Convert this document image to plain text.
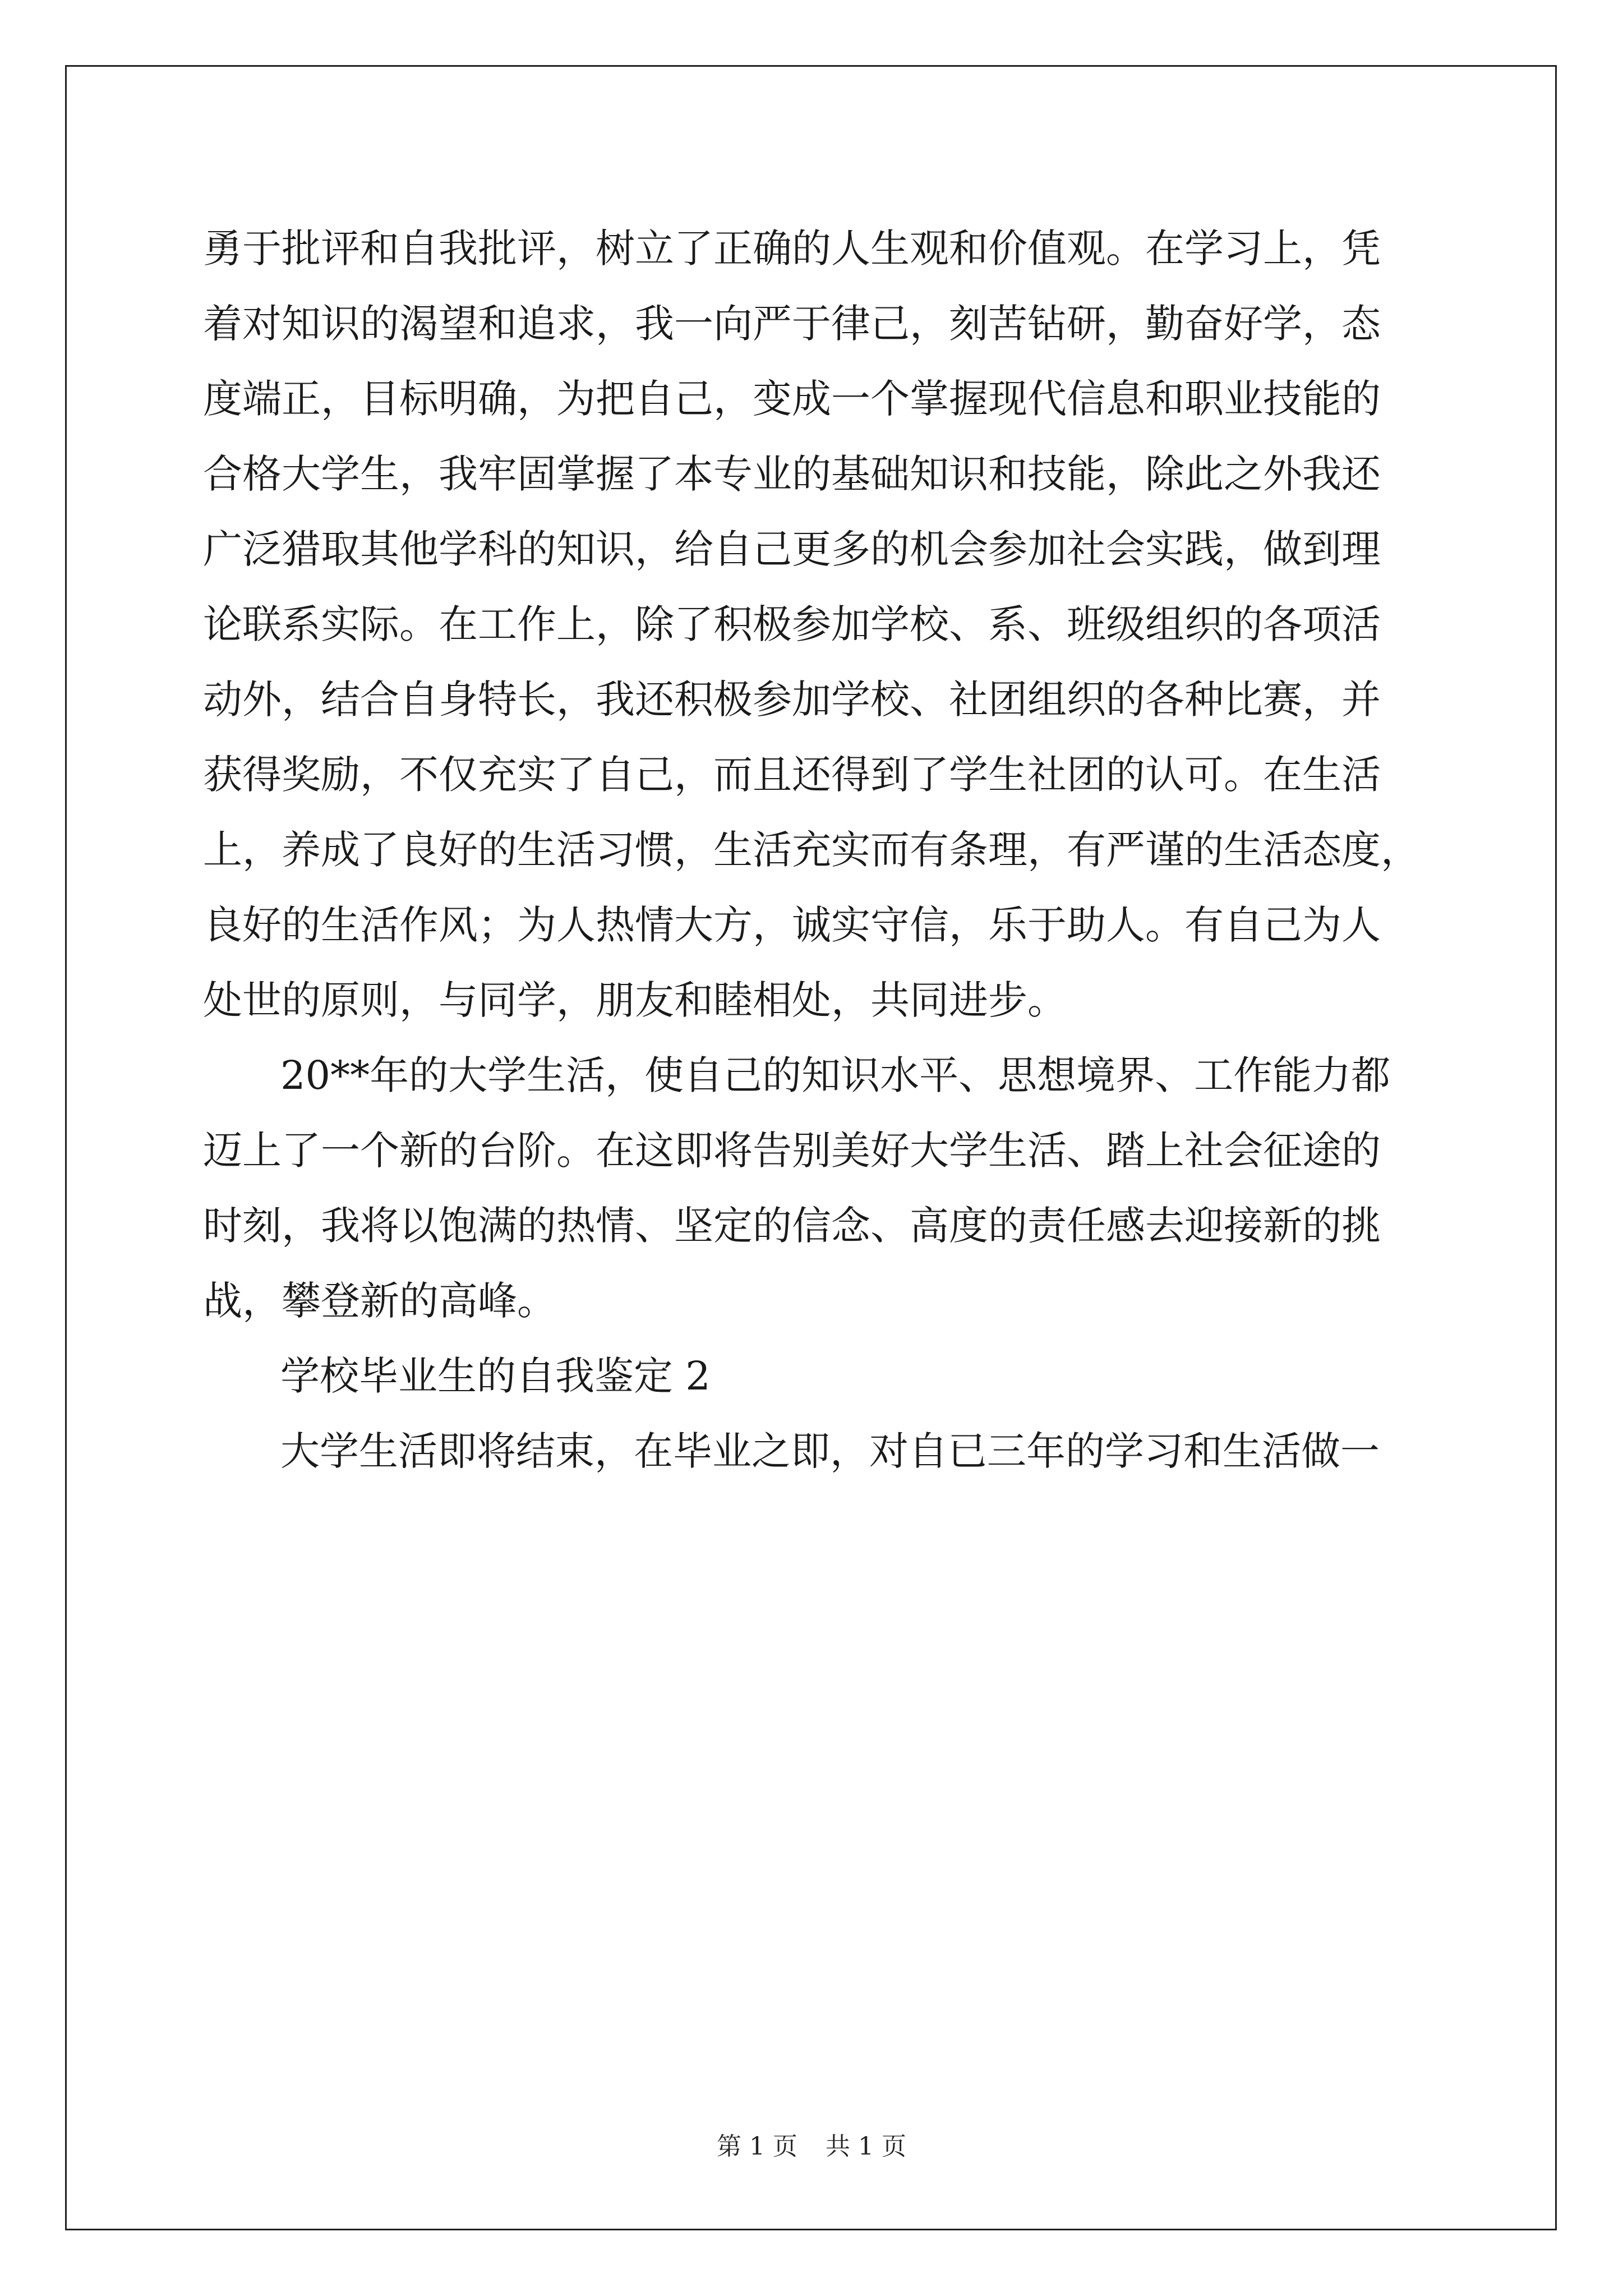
勇于批评和自我批评，树立了正确的人生观和价值观。在学习上，凭
着对知识的渴望和追求，我一向严于律己，刻苦钻研，勤奋好学，态
度端正，目标明确，为把自己，变成一个掌握现代信息和职业技能的
合格大学生，我牢固掌握了本专业的基础知识和技能，除此之外我还
广泛猎取其他学科的知识，给自己更多的机会参加社会实践，做到理
论联系实际。在工作上，除了积极参加学校、系、班级组织的各项活
动外，结合自身特长，我还积极参加学校、社团组织的各种比赛，并
获得奖励，不仅充实了自己，而且还得到了学生社团的认可。在生活
上，养成了良好的生活习惯，生活充实而有条理，有严谨的生活态度，
良好的生活作风；为人热情大方，诚实守信，乐于助人。有自己为人
处世的原则，与同学，朋友和睦相处，共同进步。
20**年的大学生活，使自己的知识水平、思想境界、工作能力都
迈上了一个新的台阶。在这即将告别美好大学生活、踏上社会征途的
时刻，我将以饱满的热情、坚定的信念、高度的责任感去迎接新的挑
战，攀登新的高峰。
学校毕业生的自我鉴定 2
大学生活即将结束，在毕业之即，对自已三年的学习和生活做一
第 1 页 共 1 页
